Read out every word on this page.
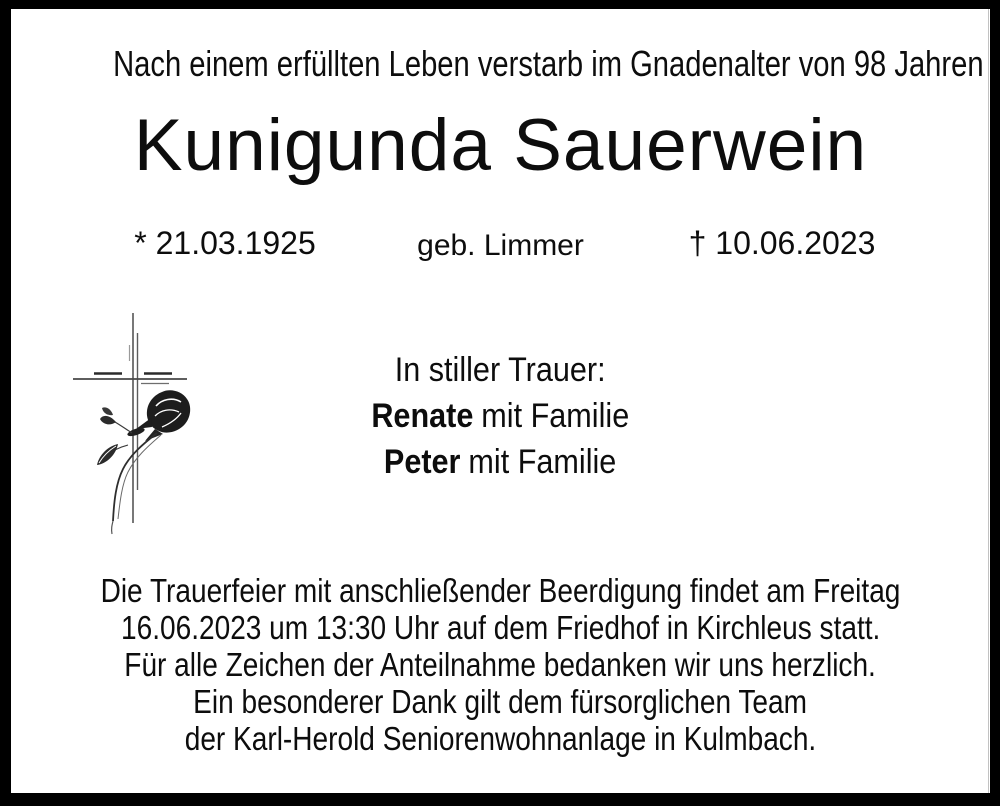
Nach einem erfüllten Leben verstarb im Gnadenalter von 98 Jahren
Kunigunda Sauerwein
* 21.03.1925	geb. Limmer	† 10.06.2023
In stiller Trauer:
Renate mit Familie
Peter mit Familie
Die Trauerfeier mit anschließender Beerdigung findet am Freitag
16.06.2023 um 13:30 Uhr auf dem Friedhof in Kirchleus statt.
Für alle Zeichen der Anteilnahme bedanken wir uns herzlich.
Ein besonderer Dank gilt dem fürsorglichen Team
der Karl-Herold Seniorenwohnanlage in Kulmbach.
